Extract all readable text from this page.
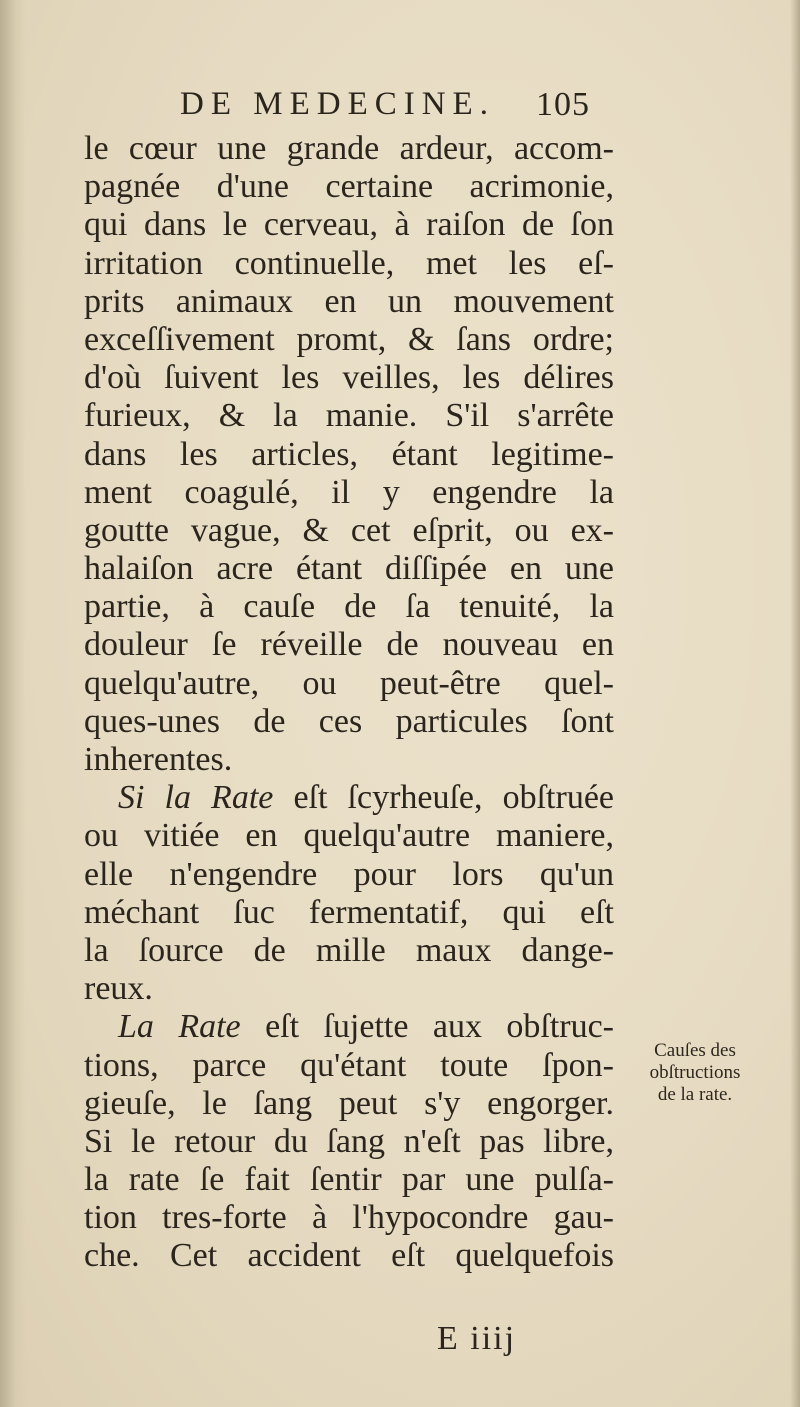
DE MEDECINE. 105
le cœur une grande ardeur, accom-
pagnée d'une certaine acrimonie,
qui dans le cerveau, à raiſon de ſon
irritation continuelle, met les eſ-
prits animaux en un mouvement
exceſſivement promt, & ſans ordre;
d'où ſuivent les veilles, les délires
furieux, & la manie. S'il s'arrête
dans les articles, étant legitime-
ment coagulé, il y engendre la
goutte vague, & cet eſprit, ou ex-
halaiſon acre étant diſſipée en une
partie, à cauſe de ſa tenuité, la
douleur ſe réveille de nouveau en
quelqu'autre, ou peut-être quel-
ques-unes de ces particules ſont
inherentes.
Si la Rate eſt ſcyrheuſe, obſtruée
ou vitiée en quelqu'autre maniere,
elle n'engendre pour lors qu'un
méchant ſuc fermentatif, qui eſt
la ſource de mille maux dange-
reux.
La Rate eſt ſujette aux obſtruc-
tions, parce qu'étant toute ſpon-
gieuſe, le ſang peut s'y engorger.
Si le retour du ſang n'eſt pas libre,
la rate ſe fait ſentir par une pulſa-
tion tres-forte à l'hypocondre gau-
che. Cet accident eſt quelquefois
Cauſes des
obſtructions
de la rate.
E iiij
